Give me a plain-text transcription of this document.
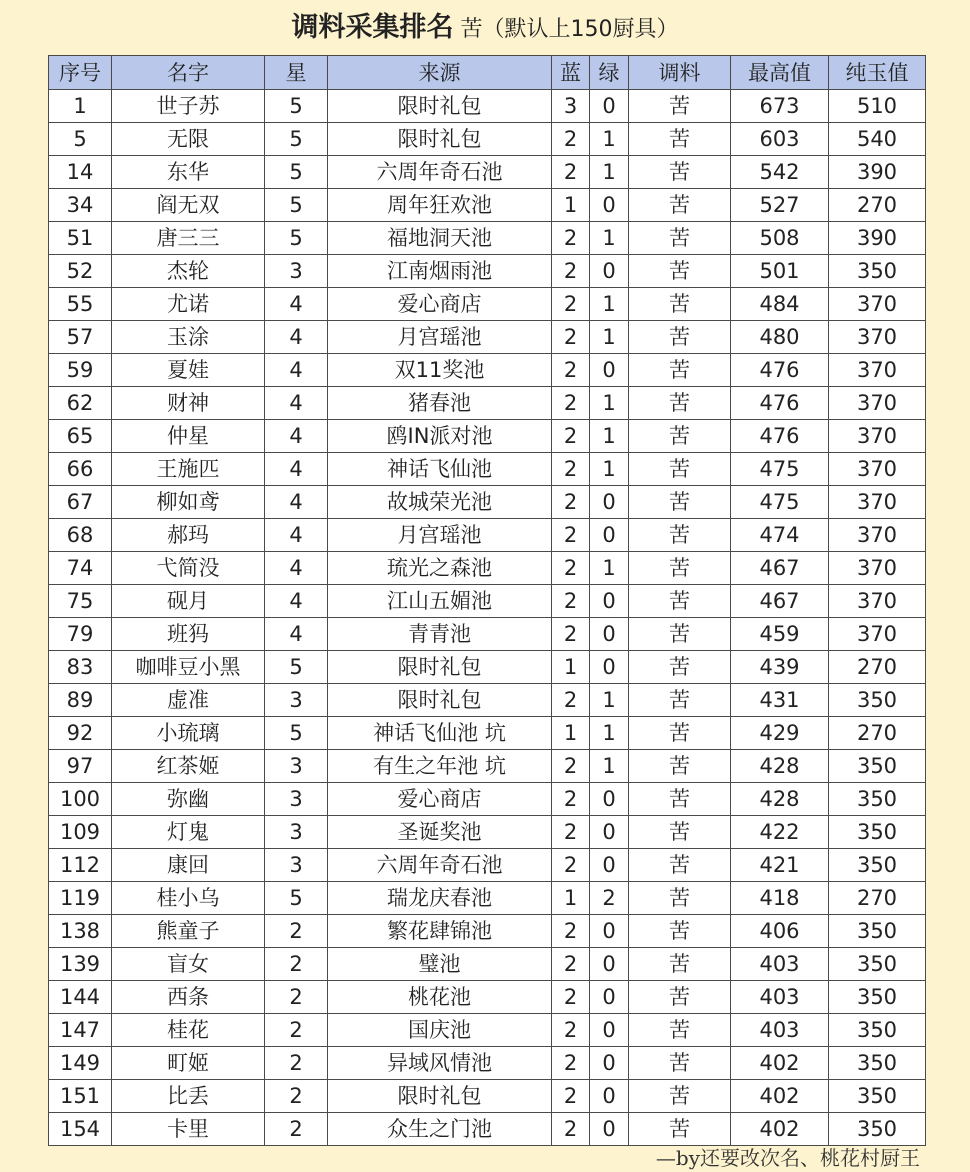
调料采集排名 苦（默认上150厨具）
序号	名字	星	来源	蓝	绿	调料	最高值	纯玉值
1	世子苏	5	限时礼包	3	0	苦	673	510
5	无限	5	限时礼包	2	1	苦	603	540
14	东华	5	六周年奇石池	2	1	苦	542	390
34	阎无双	5	周年狂欢池	1	0	苦	527	270
51	唐三三	5	福地洞天池	2	1	苦	508	390
52	杰轮	3	江南烟雨池	2	0	苦	501	350
55	尤诺	4	爱心商店	2	1	苦	484	370
57	玉涂	4	月宫瑶池	2	1	苦	480	370
59	夏娃	4	双11奖池	2	0	苦	476	370
62	财神	4	猪春池	2	1	苦	476	370
65	仲星	4	鸥IN派对池	2	1	苦	476	370
66	王施匹	4	神话飞仙池	2	1	苦	475	370
67	柳如鸢	4	故城荣光池	2	0	苦	475	370
68	郝玛	4	月宫瑶池	2	0	苦	474	370
74	弋简没	4	琉光之森池	2	1	苦	467	370
75	砚月	4	江山五媚池	2	0	苦	467	370
79	班犸	4	青青池	2	0	苦	459	370
83	咖啡豆小黑	5	限时礼包	1	0	苦	439	270
89	虚准	3	限时礼包	2	1	苦	431	350
92	小琉璃	5	神话飞仙池 坑	1	1	苦	429	270
97	红茶姬	3	有生之年池 坑	2	1	苦	428	350
100	弥幽	3	爱心商店	2	0	苦	428	350
109	灯鬼	3	圣诞奖池	2	0	苦	422	350
112	康回	3	六周年奇石池	2	0	苦	421	350
119	桂小乌	5	瑞龙庆春池	1	2	苦	418	270
138	熊童子	2	繁花肆锦池	2	0	苦	406	350
139	盲女	2	璧池	2	0	苦	403	350
144	西条	2	桃花池	2	0	苦	403	350
147	桂花	2	国庆池	2	0	苦	403	350
149	町姬	2	异域风情池	2	0	苦	402	350
151	比丢	2	限时礼包	2	0	苦	402	350
154	卡里	2	众生之门池	2	0	苦	402	350
—by还要改次名、桃花村厨王
